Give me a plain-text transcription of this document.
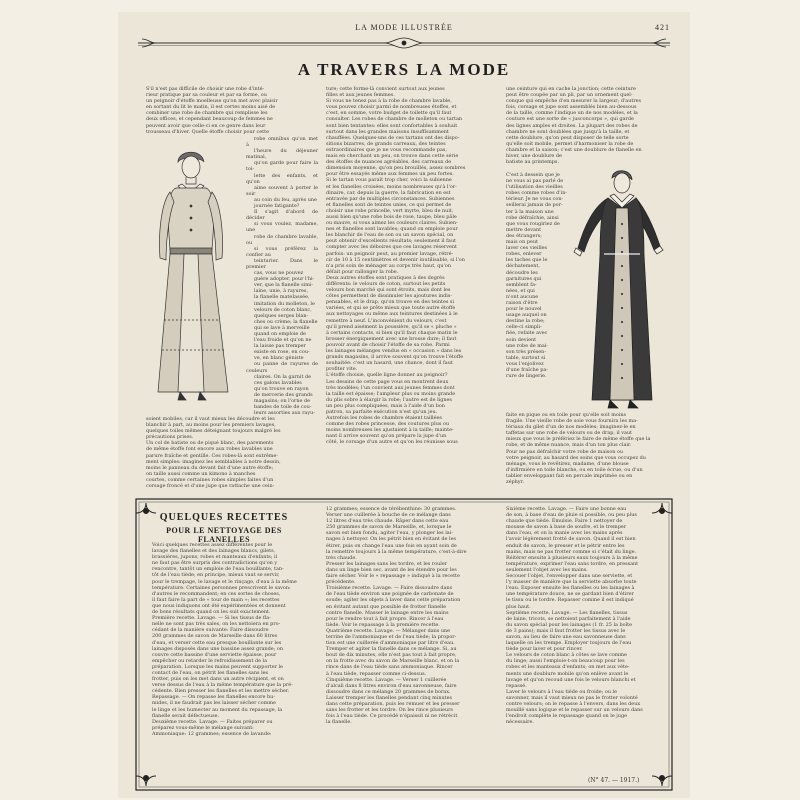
LA MODE ILLUSTRÉE	421
A TRAVERS LA MODE

S'il n'est pas difficile de choisir une robe d'inté-
rieur pratique par sa couleur et par sa forme, ou
un peignoir d'étoffe moelleuse qu'on met avec plaisir
en sortant du lit le matin, il est certes moins aisé de
combiner une robe de chambre qui remplisse les
deux offices, et cependant beaucoup de femmes ne
peuvent avoir que celle-ci en ce genre dans leur
trousseau d'hiver. Quelle étoffe choisir pour cette

robe omnibus qu'on met à
l'heure du déjeuner matinal,
qu'on garde pour faire la toi-
lette des enfants, et qu'on
aime souvent à porter le soir
au coin du feu, après une
journée fatigante?
Il s'agit d'abord de décider
si vous voulez, madame, une
robe de chambre lavable, ou
si vous préférez la confier au
teinturier. Dans le premier
cas, vous ne pouvez
guère adopter, pour l'hi-
ver, que la flanelle simi-
laine, unie, à rayures,
la flanelle mateIassée,
imitation du molleton, le
velours de coton blanc,
quelques serges blan-
ches ou crème; la flanelle
qui se lave à merveille
quand on emploie de
l'eau froide et qu'on ne
la laisse pas tremper
existe en rose, en cou-
ve, en blanc géniste
ou panne de rayures de couleurs
claires. On la garnit de
ces galons lavables
qu'on trouve en rayon
de mercerie des grands
magasins; on l'orne de
bandes de toile de cou-
leurs assorties aux rayu-

soient mobiles, car il vaut mieux les découdre et les
blanchir à part, au moins pour les premiers lavages,
quelques toiles mêmes déteignant toujours malgré les
précautions prises.
Un col de batiste ou de piqué blanc, des parements
de même étoffe font encore aux robes lavables une
parure fraîche et gentille. Ces robes-là sont extrême-
ment simples: imaginez les semblables à notre dessin,
moins le panneau du devant fait d'une autre étoffe;
on taille aussi comme un kimono à manches
courtes, comme certaines robes simples faites d'un
corsage froncé et d'une jupe que rattache une cein-

ture; cette forme-là convient surtout aux jeunes
filles et aux jeunes femmes.
Si vous ne tenez pas à la robe de chambre lavable,
vous pouvez choisir parmi de nombreuses étoffes, et
c'est, en somme, votre budget de toilette qu'il faut
consulter. Les robes de chambre de molleton ou tartan
sont bien tentantes: elles sont confortables à souhait
surtout dans les grandes maisons insuffisamment
chauffées. Quelques-uns de ces tartans ont des dispo-
sitions bizarres, de grands carreaux, des teintes
extraordinaires que je ne vous recommande pas,
mais en cherchant un peu, on trouve dans cette série
des étoffes de nuances agréables, des carreaux de
dimension moyenne, qu'on peu brouillés, assez sombres
pour être essayés même aux femmes un peu fortes.
Si le tartan vous paraît trop cher, voici la subienne
et les flanelles croisées, moins nombreuses qu'à l'or-
dinaire, car, depuis la guerre, la fabrication en est
entravée par de multiples circonstances. Subiennes
et flanelles sont de teintes unies, ce qui permet de
choisir une robe princelle, vert myrte, bleu de nuit,
aussi bien qu'une robe bois de rose, taupe, bleu pâle
ou mauve, si vous aimez les couleurs claires. Subien-
nes et flanelles sont lavables; quand on emploie pour
les blanchir de l'eau de son ou un savon spécial, on
peut obtenir d'excellents résultats; seulement il faut
compter avec les déboires que ces lavages réservent
parfois: un peignoir peut, au premier lavage, rétré-
cir de 10 à 15 centimètres et devenir inutilisable, si l'on
n'a pris soin de ménager au corps très haut, qu'on
défait pour rallonger la robe.
Deux autres étoffes sont pratiques à des degrés
différents: le velours de coton, surtout les petits
velours bon marché qui sont étroits, mais dont les
côtes permettent de dissimuler les ajoutures indis-
pensables, et le drap, qu'on trouve en des teintes si
variées, et qui se prête mieux que toute autre étoffe
aux nettoyages ou même aux teintures destinées à le
remettre à neuf. L'inconvénient du velours, c'est
qu'il prend aisément la poussière, qu'il se « pluche »
à certains contacts, si bien qu'il faut chaque matin le
brosser énergiquement avec une brosse dure; il faut
pouvoir avant de choisir l'étoffe de sa robe. Parmi
les lainages mélanges vendus en « occasion » dans les
grands magasins, il arrive souvent qu'on trouve l'étoffe
souhaitée: c'est un hasard, une chance, dont il faut
profiter vite.
L'étoffe choisie, quelle ligne donner au peignoir?
Les dessins de cette page vous en montrent deux
très modèles; l'un convient aux jeunes femmes dont
la taille est épaisse; l'ampleur plus ou moins grande
du plis sobre à élargir la robe; l'autre est de lignes
un peu plus compliquées, mais à l'aide d'un bon
patron, sa parfaite exécution n'est qu'un jeu.
Autrefois les robes de chambre étaient taillées
comme des robes princesse, des coutures plus ou
moins nombreuses les ajustaient à la taille; mainte-
nant il arrive souvent qu'on prépare la jupe d'un
côté, le corsage d'un autre et qu'on les réunisse sous

une ceinture qui en cache la jonction; cette ceinture
peut être coupée par un pli, par un ornement quel-
conque qui empêche d'en mesurer la largeur; d'autres
fois, corsage et jupe sont assemblés bien au-dessous
de la taille, comme l'indique un de nos modèles, et la
couture est une sorte de « jusconcorps », qui garde
des lignes amples et droites. La plupart des robes de
chambre ne sont doublées que jusqu'à la taille, et
cette doublure, qu'on peut disposer de telle sorte
qu'elle soit mobile, permet d'harmoniser la robe de
chambre et la saison; c'est une doublure de flanelle en
hiver, une doublure de
batiste au printemps.

C'est à dessein que je
ne vous ai pas parlé de
l'utilisation des vieilles
robes comme robes d'in-
térieur. Je ne vous con-
seillerai jamais de por-
ter à la maison une
robe défraîchie, ainsi
que vous rougiriez de
mettre devant
des étrangers;
mais on peut
laver ces vieilles
robes, enlever
les taches que le
déchatement,
découdre les
garnitures qui
semblent fa-
nées, et qui
n'ont aucune
raison d'être
pour le nouvel
usage auquel on
destine la robe;
celle-ci simpli-
fiée, refaite avec
soin devient
une robe de mai-
son très présen-
table, surtout si
vous l'enjolivez
d'une fraîche pa-
rure de lingerie.

faite en pique ou en toile pour qu'elle soit moins
fragile. Une vieille robe de soie vous fournira les ma-
tériaux du gilet d'un de nos modèles; imaginez-le en
taffetas sur une robe de velours ou de drap, il vaut
mieux que vous le préfériez le faire de même étoffe que la
robe, et de même nuance, mais d'un ton plus clair.
Pour ne pas défraîchir votre robe de maison ou
votre peignoir, au hasard des soins que vous occupez du
ménage, vous le revêtirez, madame, d'une blouse
d'infirmière en toile blanche, ou en toile écrue, ou d'un
tablier enveloppant fait en percale imprimée ou en
zéphyr.

QUELQUES RECETTES
POUR LE NETTOYAGE DES FLANELLES

Voici quelques recettes assez différentes pour le
lavage des flanelles et des lainages blancs, gilets,
brassières, jupons, robes et manteaux d'enfants; il
ne faut pas être surpris des contradictions qu'on y
rencontre, tantôt un emploie de l'eau bouillante, tan-
tôt de l'eau tiède; en principe, mieux vaut se servir,
pour le trempage, le lavage et le rinçage, d'eau à la même
température. Certaines personnes prescrivent le savon:
d'autres le recommandent; en ces sortes de choses,
il faut faire la part de « tour de main »; les recettes
que nous indiquons ont été expérimentées et donnent
de bons résultats quand on les suit exactement.
Première recette. Lavage. — Si les tissus de fla-
nelle ne sont pas très sales, on les nettoiera en pro-
cédant de la manière suivante: Faire dissoudre
200 grammes de savon de Marseille dans 60 litres
d'eau, et verser cette eau presque bouillante sur les
lainages disposés dans une bassine assez grande; on
couvre cette bassine d'une serviette épaisse, pour
empêcher ou retarder le refroidissement de la
préparation. Lorsque les mains peuvent supporter le
contact de l'eau, on pétrit les flanelles sans les
frotter, puis on les met dans un autre récipient, et on
verse dessus de l'eau à la même température que la pré-
cédente. Bien presser les flanelles et les mettre sécher.
Repassage. — On repasse les flanelles encore hu-
mides, il ne faudrait pas les laisser sécher comme
le linge et les humecter au moment du repassage, la
flanelle serait défectueuse.
Deuxième recette. Lavage. — Faites préparer ou
préparez vous-même le mélange suivant:
Ammoniaque: 12 grammes; essence de lavande:

12 grammes; essence de térébenthine: 30 grammes.
Verser une cuillerée à bouche de ce mélange dans
12 litres d'eau très chaude. Râper dans cette eau
250 grammes de savon de Marseille, et, lorsque le
savon est bien fondu, agiter l'eau, y plonger les lai-
nages à nettoyer. On les pétrit bien en évitant de les
étirer, puis on change l'eau une fois en ayant soin de
la remettre toujours à la même température, c'est-à-dire
très chaude.
Presser les lainages sans les tordre, et les rouler
dans un linge bien sec, avant de les étendre pour les
faire sécher. Voir le « repassage » indiqué à la recette
précédente.
Troisième recette. Lavage. — Faire dissoudre dans
de l'eau tiède environ une poignée de carbonate de
soude; agiter les objets à laver dans cette préparation
en évitant autant que possible de frotter flanelle
contre flanelle. Masser le lainage entre les mains
pour le rendre tout à fait propre. Rincer à l'eau
tiède. Voir le repassage à la première recette.
Quatrième recette. Lavage. — Mélanger dans une
terrine de l'ammoniaque et de l'eau tiède; la propor-
tion est une cuillerée d'ammoniaque par litre d'eau.
Tremper et agiter la flanelle dans ce mélange. Si, au
bout de dix minutes, elle n'est pas tout à fait propre,
on la frotte avec du savon de Marseille blanc, et on la
rince dans de l'eau tiède sans ammoniaque. Rincer
à l'eau tiède, repasser comme ci-dessus.
Cinquième recette. Lavage. — Verser 1 cuillerée
d'alcali dans 8 litres environ d'eau savonneuse, faire
dissoudre dans ce mélange 20 grammes de borax.
Laisser tremper les flanelles pendant cinq minutes
dans cette préparation, puis les remuer et les presser
sans les frotter et les tordre. On les rince plusieurs
fois à l'eau tiède. Ce procédé n'épaissit ni ne rétrécit
la flanelle.

Sixième recette. Lavage. — Faire une bonne eau
de son, à base d'eau de pluie si possible, ou peu plus
chaude que tiède. Émulsie. Faire 1 nettoyer de
mousse de savon à base de soufre, et le tremper
dans l'eau, et on la manie avec les mains après
l'avoir légèrement frotté de savon. Quand il est bien
enduit de savon, le presser et le pétrir entre les
mains, mais ne pas frotter comme si c'était du linge.
Réitérer ensuite à plusieurs eaux toujours à la même
température, exprimer l'eau sans tordre, en pressant
seulement l'objet avec les mains.
Secouer l'objet, l'envelopper dans une serviette, et
l'y masser de manière que la serviette absorbe toute
l'eau. Exposer ensuite les flanelles ou les lainages à
une température douce, ne se gardant bien d'étirer
le tissu ou le tordre. Repasser comme il est indiqué
plus haut.
Septième recette. Lavage. — Les flanelles, tissus
de laine, tricots, se nettoient parfaitement à l'aide
du savon spécial pour les lainages (1 fr. 25 la boîte
de 3 pains); mais il faut frotter les tissus avec le
savon, au lieu de faire une eau savonneuse dans
laquelle on les trempe. Employer toujours de l'eau
tiède pour laver et pour rincer.
Le velours de coton blanc à côtes se lave comme
du linge; aussi l'emploie-t-on beaucoup pour les
robes et les manteaux d'enfants; on met aux véte-
ments une doublure mobile qu'on enlève avant le
lavage et qu'on recoud une fois le velours blanchi et
repassé.
Laver le velours à l'eau tiède ou froide; ou le
savonner, mais il vaut mieux ne pas le frotter volonté
contre velours; on le repasse à l'envers, dans les deux
mouillé sans logique et le repasser sur un velours dans
l'endroit complète le repassage quand on le juge
nécessaire.

(N° 47. — 1917.)
